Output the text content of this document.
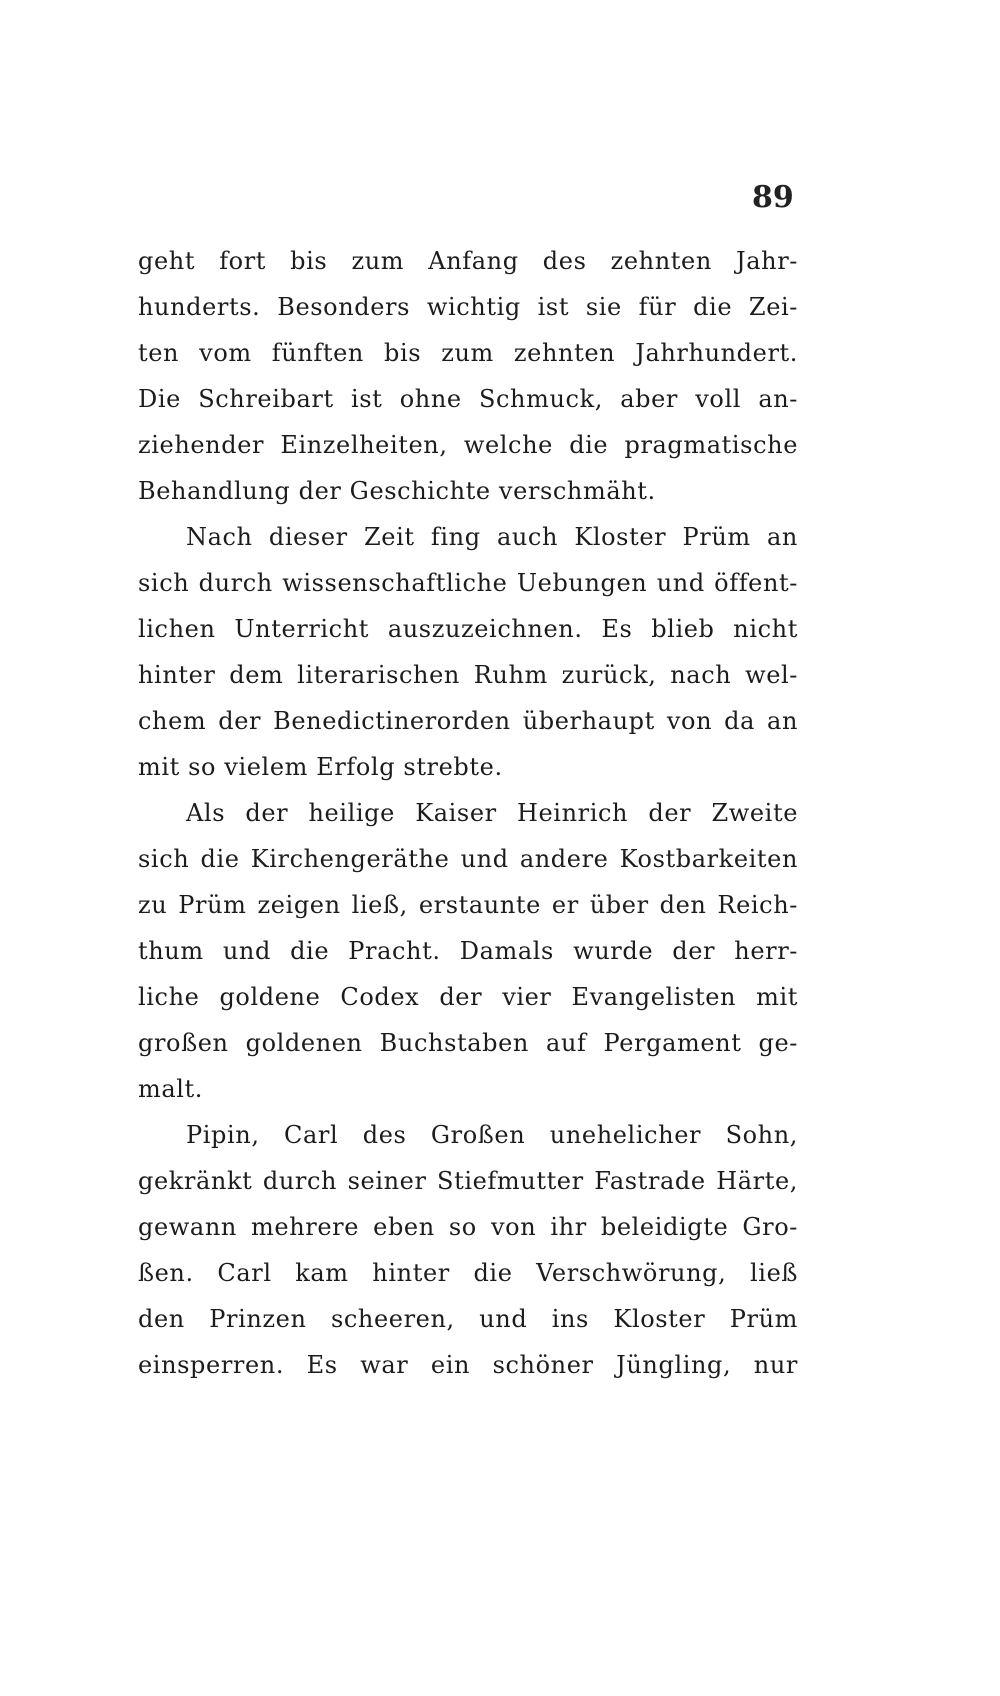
89
geht fort bis zum Anfang des zehnten Jahr-
hunderts. Besonders wichtig ist sie für die Zei-
ten vom fünften bis zum zehnten Jahrhundert.
Die Schreibart ist ohne Schmuck, aber voll an-
ziehender Einzelheiten, welche die pragmatische
Behandlung der Geschichte verschmäht.
Nach dieser Zeit fing auch Kloster Prüm an
sich durch wissenschaftliche Uebungen und öffent-
lichen Unterricht auszuzeichnen. Es blieb nicht
hinter dem literarischen Ruhm zurück, nach wel-
chem der Benedictinerorden überhaupt von da an
mit so vielem Erfolg strebte.
Als der heilige Kaiser Heinrich der Zweite
sich die Kirchengeräthe und andere Kostbarkeiten
zu Prüm zeigen ließ, erstaunte er über den Reich-
thum und die Pracht. Damals wurde der herr-
liche goldene Codex der vier Evangelisten mit
großen goldenen Buchstaben auf Pergament ge-
malt.
Pipin, Carl des Großen unehelicher Sohn,
gekränkt durch seiner Stiefmutter Fastrade Härte,
gewann mehrere eben so von ihr beleidigte Gro-
ßen. Carl kam hinter die Verschwörung, ließ
den Prinzen scheeren, und ins Kloster Prüm
einsperren. Es war ein schöner Jüngling, nur
